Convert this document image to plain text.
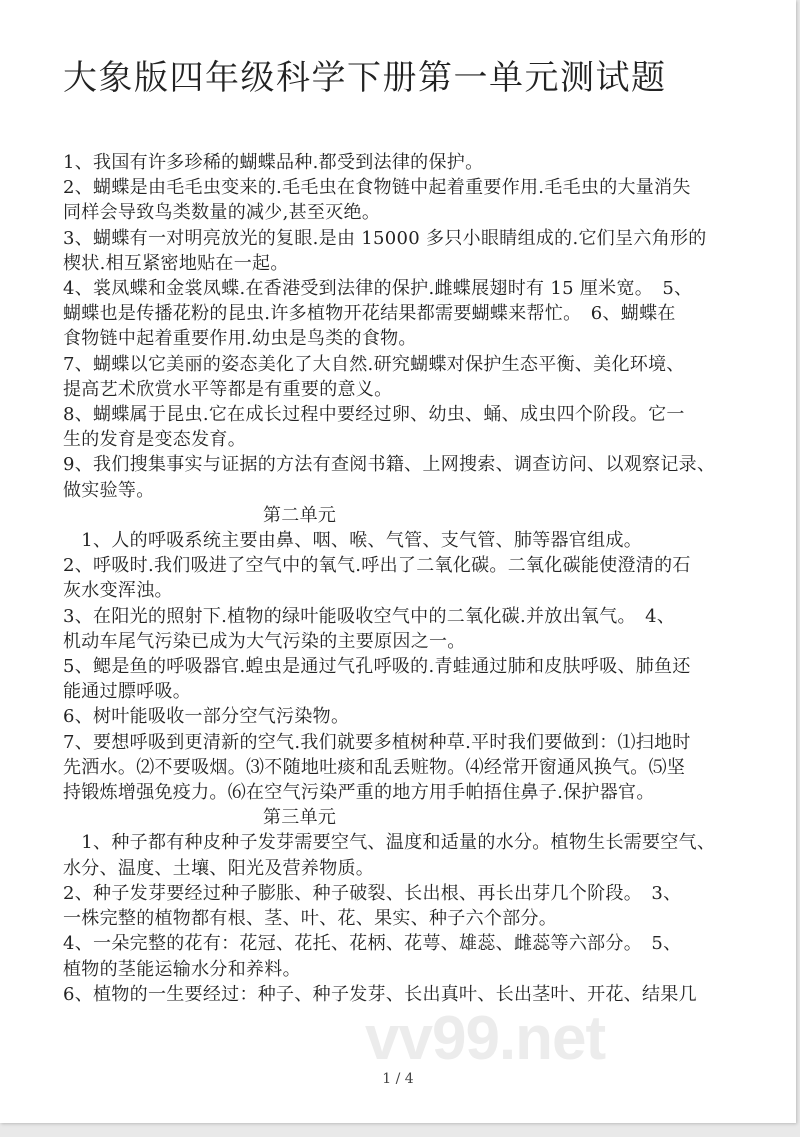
大象版四年级科学下册第一单元测试题
1、我国有许多珍稀的蝴蝶品种.都受到法律的保护。
2、蝴蝶是由毛毛虫变来的.毛毛虫在食物链中起着重要作用.毛毛虫的大量消失
同样会导致鸟类数量的减少,甚至灭绝。
3、蝴蝶有一对明亮放光的复眼.是由 15000 多只小眼睛组成的.它们呈六角形的
楔状.相互紧密地贴在一起。
4、裳凤蝶和金裳凤蝶.在香港受到法律的保护.雌蝶展翅时有 15 厘米宽。　5、
蝴蝶也是传播花粉的昆虫.许多植物开花结果都需要蝴蝶来帮忙。　6、蝴蝶在
食物链中起着重要作用.幼虫是鸟类的食物。
7、蝴蝶以它美丽的姿态美化了大自然.研究蝴蝶对保护生态平衡、美化环境、
提高艺术欣赏水平等都是有重要的意义。
8、蝴蝶属于昆虫.它在成长过程中要经过卵、幼虫、蛹、成虫四个阶段。它一
生的发育是变态发育。
9、我们搜集事实与证据的方法有查阅书籍、上网搜索、调查访问、以观察记录、
做实验等。
第二单元
　1、人的呼吸系统主要由鼻、咽、喉、气管、支气管、肺等器官组成。
2、呼吸时.我们吸进了空气中的氧气.呼出了二氧化碳。二氧化碳能使澄清的石
灰水变浑浊。
3、在阳光的照射下.植物的绿叶能吸收空气中的二氧化碳.并放出氧气。　4、
机动车尾气污染已成为大气污染的主要原因之一。
5、鳃是鱼的呼吸器官.蝗虫是通过气孔呼吸的.青蛙通过肺和皮肤呼吸、肺鱼还
能通过膘呼吸。
6、树叶能吸收一部分空气污染物。
7、要想呼吸到更清新的空气.我们就要多植树种草.平时我们要做到：⑴扫地时
先洒水。⑵不要吸烟。⑶不随地吐痰和乱丢赃物。⑷经常开窗通风换气。⑸坚
持锻炼增强免疫力。⑹在空气污染严重的地方用手帕捂住鼻子.保护器官。
第三单元
　1、种子都有种皮种子发芽需要空气、温度和适量的水分。植物生长需要空气、
水分、温度、土壤、阳光及营养物质。
2、种子发芽要经过种子膨胀、种子破裂、长出根、再长出芽几个阶段。　3、
一株完整的植物都有根、茎、叶、花、果实、种子六个部分。
4、一朵完整的花有：花冠、花托、花柄、花萼、雄蕊、雌蕊等六部分。　5、
植物的茎能运输水分和养料。
6、植物的一生要经过：种子、种子发芽、长出真叶、长出茎叶、开花、结果几
vv99.net
1 / 4
